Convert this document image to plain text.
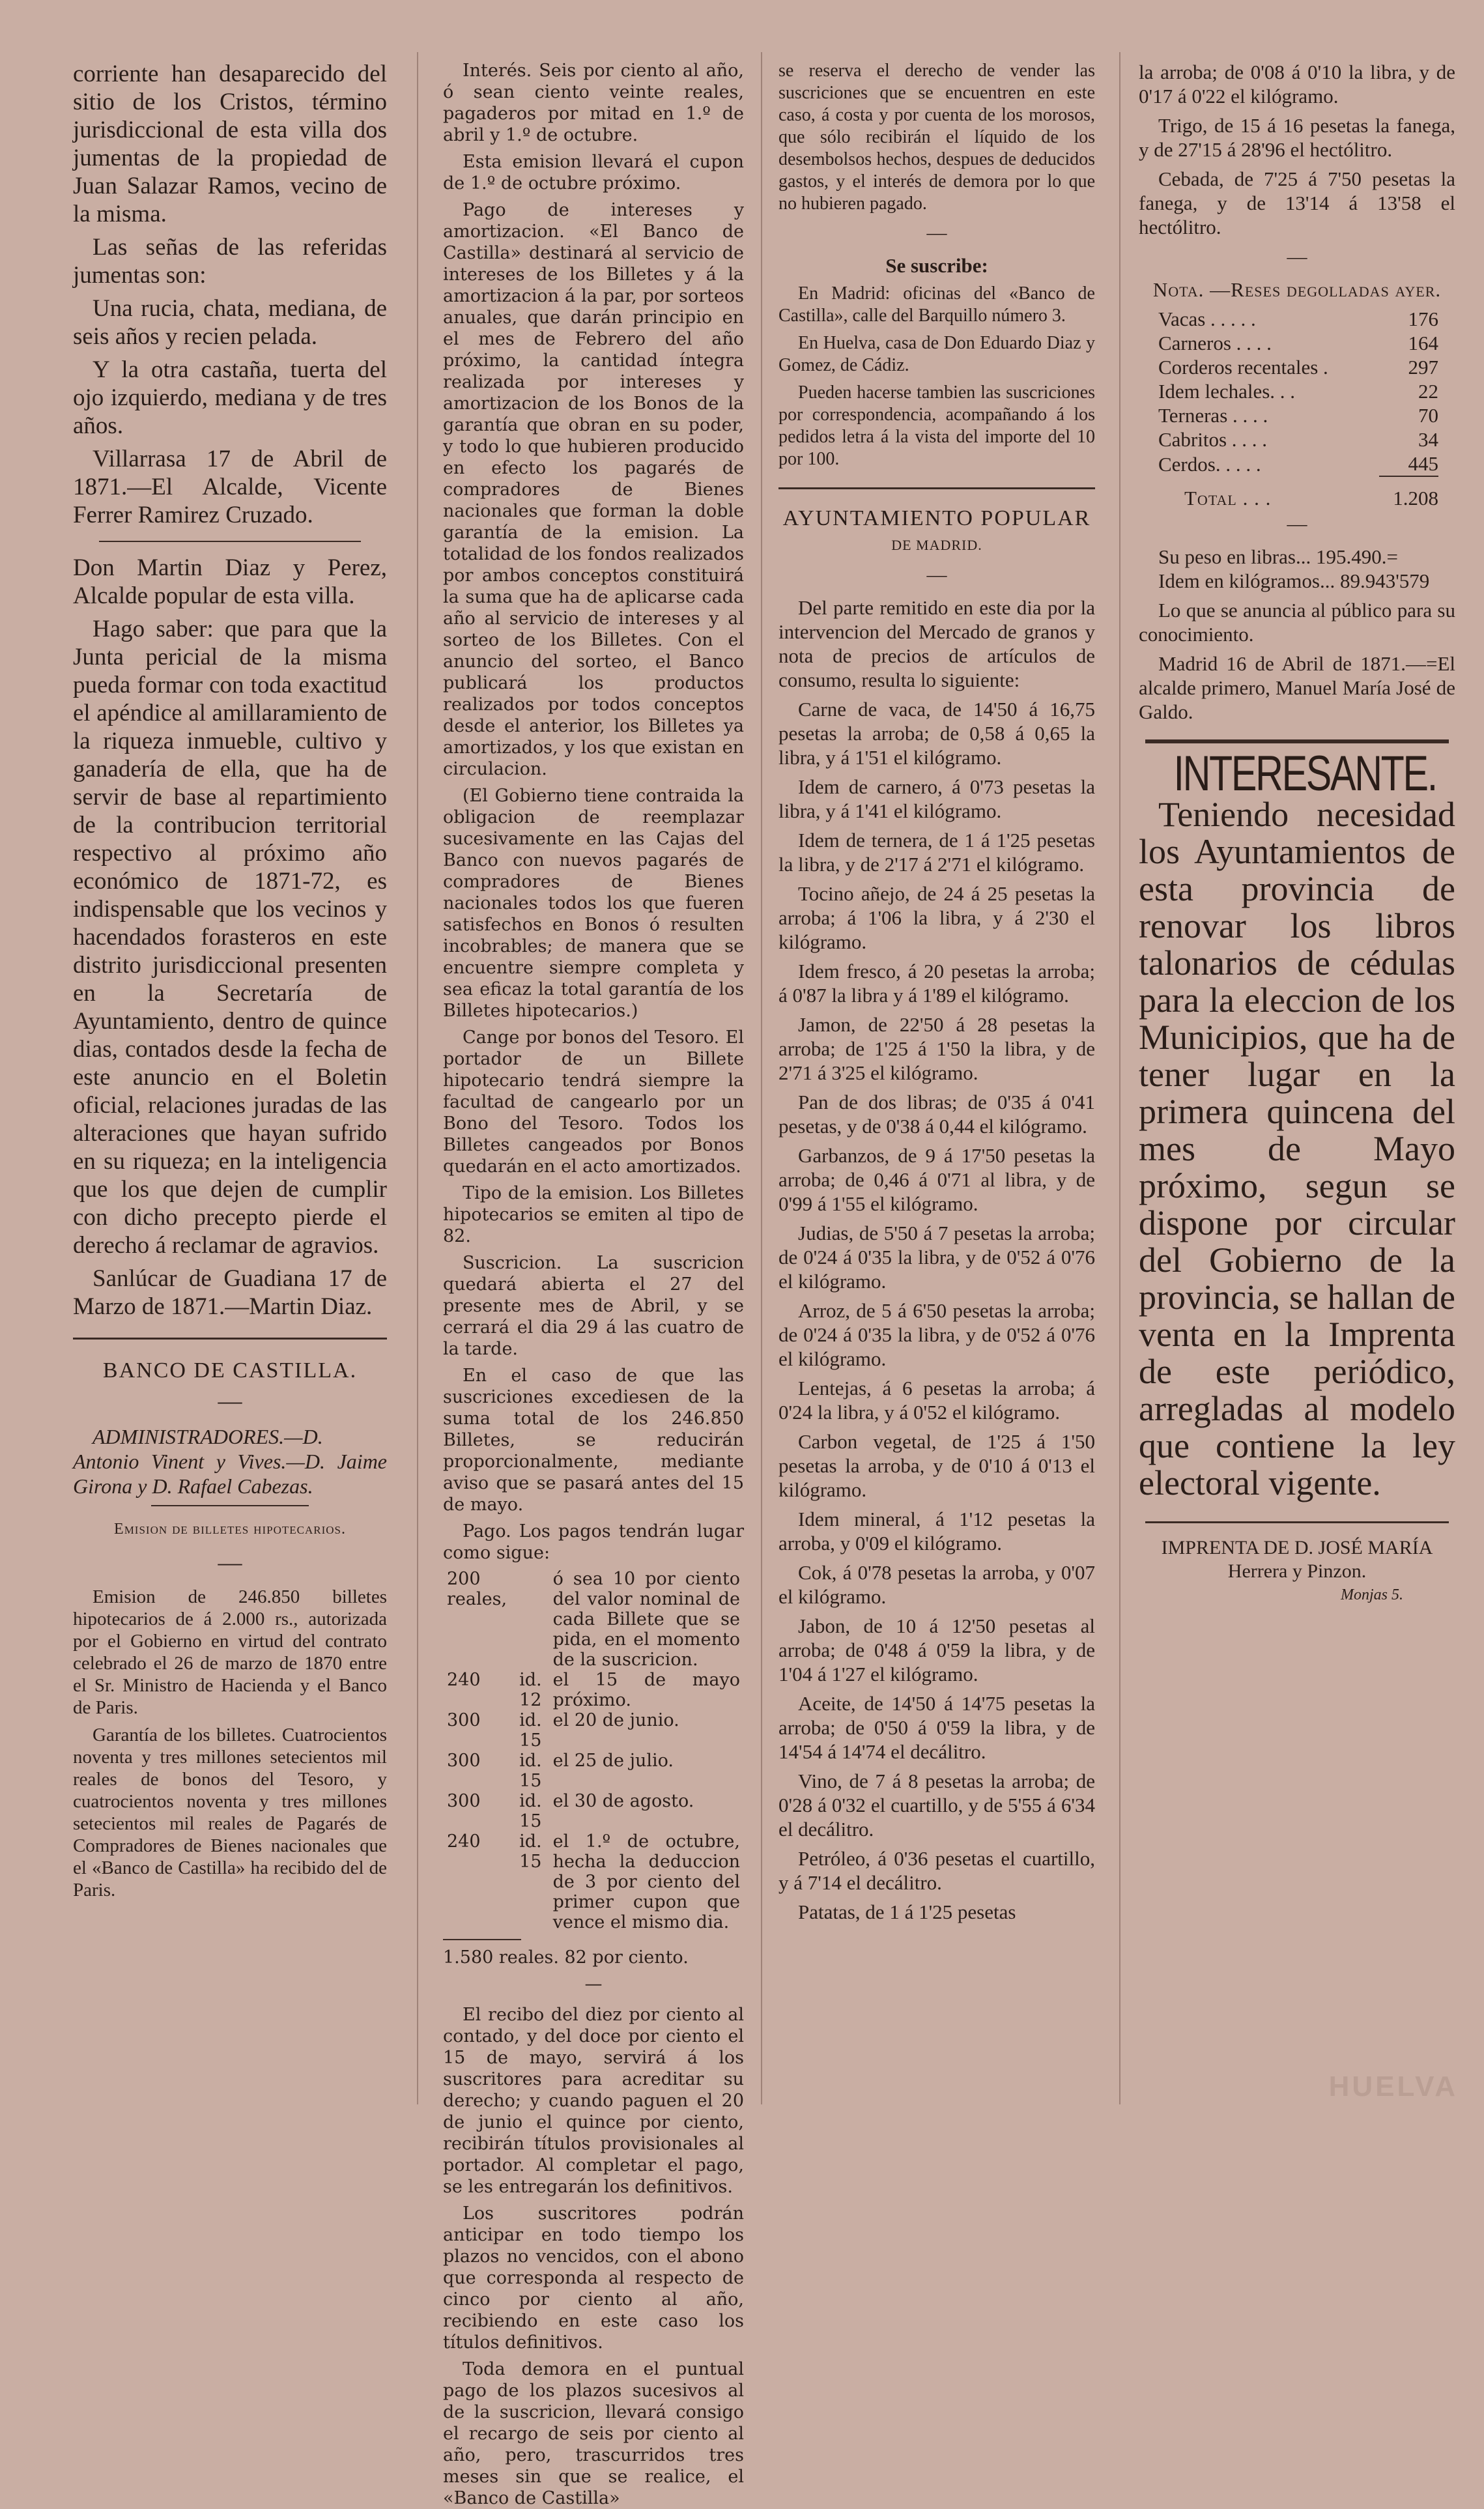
corriente han desaparecido del sitio de los Cristos, término jurisdiccional de esta villa dos jumentas de la propiedad de Juan Salazar Ramos, vecino de la misma.

Las señas de las referidas jumentas son:

Una rucia, chata, mediana, de seis años y recien pelada.

Y la otra castaña, tuerta del ojo izquierdo, mediana y de tres años.

Villarrasa 17 de Abril de 1871.—El Alcalde, Vicente Ferrer Ramirez Cruzado.

Don Martin Diaz y Perez, Alcalde popular de esta villa.

Hago saber: que para que la Junta pericial de la misma pueda formar con toda exactitud el apéndice al amillaramiento de la riqueza inmueble, cultivo y ganadería de ella, que ha de servir de base al repartimiento de la contribucion territorial respectivo al próximo año económico de 1871-72, es indispensable que los vecinos y hacendados forasteros en este distrito jurisdiccional presenten en la Secretaría de Ayuntamiento, dentro de quince dias, contados desde la fecha de este anuncio en el Boletin oficial, relaciones juradas de las alteraciones que hayan sufrido en su riqueza; en la inteligencia que los que dejen de cumplir con dicho precepto pierde el derecho á reclamar de agravios.

Sanlúcar de Guadiana 17 de Marzo de 1871.—Martin Diaz.

BANCO DE CASTILLA.
—

ADMINISTRADORES.—D. Antonio Vinent y Vives.—D. Jaime Girona y D. Rafael Cabezas.

Emision de billetes hipotecarios.

—

Emision de 246.850 billetes hipotecarios de á 2.000 rs., autorizada por el Gobierno en virtud del contrato celebrado el 26 de marzo de 1870 entre el Sr. Ministro de Hacienda y el Banco de Paris.

Garantía de los billetes. Cuatrocientos noventa y tres millones setecientos mil reales de bonos del Tesoro, y cuatrocientos noventa y tres millones setecientos mil reales de Pagarés de Compradores de Bienes nacionales que el «Banco de Castilla» ha recibido del de Paris.

Interés. Seis por ciento al año, ó sean ciento veinte reales, pagaderos por mitad en 1.º de abril y 1.º de octubre.

Esta emision llevará el cupon de 1.º de octubre próximo.

Pago de intereses y amortizacion. «El Banco de Castilla» destinará al servicio de intereses de los Billetes y á la amortizacion á la par, por sorteos anuales, que darán principio en el mes de Febrero del año próximo, la cantidad íntegra realizada por intereses y amortizacion de los Bonos de la garantía que obran en su poder, y todo lo que hubieren producido en efecto los pagarés de compradores de Bienes nacionales que forman la doble garantía de la emision. La totalidad de los fondos realizados por ambos conceptos constituirá la suma que ha de aplicarse cada año al servicio de intereses y al sorteo de los Billetes. Con el anuncio del sorteo, el Banco publicará los productos realizados por todos conceptos desde el anterior, los Billetes ya amortizados, y los que existan en circulacion.

(El Gobierno tiene contraida la obligacion de reemplazar sucesivamente en las Cajas del Banco con nuevos pagarés de compradores de Bienes nacionales todos los que fueren satisfechos en Bonos ó resulten incobrables; de manera que se encuentre siempre completa y sea eficaz la total garantía de los Billetes hipotecarios.)

Cange por bonos del Tesoro. El portador de un Billete hipotecario tendrá siempre la facultad de cangearlo por un Bono del Tesoro. Todos los Billetes cangeados por Bonos quedarán en el acto amortizados.

Tipo de la emision. Los Billetes hipotecarios se emiten al tipo de 82.

Suscricion. La suscricion quedará abierta el 27 del presente mes de Abril, y se cerrará el dia 29 á las cuatro de la tarde.

En el caso de que las suscriciones excediesen de la suma total de los 246.850 Billetes, se reducirán proporcionalmente, mediante aviso que se pasará antes del 15 de mayo.

Pago. Los pagos tendrán lugar como sigue:

200 reales,		ó sea 10 por ciento del valor nominal de cada Billete que se pida, en el momento de la suscricion.
240	id. 12	el 15 de mayo próximo.
300	id. 15	el 20 de junio.
300	id. 15	el 25 de julio.
300	id. 15	el 30 de agosto.
240	id. 15	el 1.º de octubre, hecha la deduccion de 3 por ciento del primer cupon que vence el mismo dia.

1.580 reales. 82 por ciento.

—

El recibo del diez por ciento al contado, y del doce por ciento el 15 de mayo, servirá á los suscritores para acreditar su derecho; y cuando paguen el 20 de junio el quince por ciento, recibirán títulos provisionales al portador. Al completar el pago, se les entregarán los definitivos.

Los suscritores podrán anticipar en todo tiempo los plazos no vencidos, con el abono que corresponda al respecto de cinco por ciento al año, recibiendo en este caso los títulos definitivos.

Toda demora en el puntual pago de los plazos sucesivos al de la suscricion, llevará consigo el recargo de seis por ciento al año, pero, trascurridos tres meses sin que se realice, el «Banco de Castilla»

se reserva el derecho de vender las suscriciones que se encuentren en este caso, á costa y por cuenta de los morosos, que sólo recibirán el líquido de los desembolsos hechos, despues de deducidos gastos, y el interés de demora por lo que no hubieren pagado.

—

Se suscribe:

En Madrid: oficinas del «Banco de Castilla», calle del Barquillo número 3.

En Huelva, casa de Don Eduardo Diaz y Gomez, de Cádiz.

Pueden hacerse tambien las suscriciones por correspondencia, acompañando á los pedidos letra á la vista del importe del 10 por 100.

AYUNTAMIENTO POPULAR

DE MADRID.

—

Del parte remitido en este dia por la intervencion del Mercado de granos y nota de precios de artículos de consumo, resulta lo siguiente:

Carne de vaca, de 14'50 á 16,75 pesetas la arroba; de 0,58 á 0,65 la libra, y á 1'51 el kilógramo.

Idem de carnero, á 0'73 pesetas la libra, y á 1'41 el kilógramo.

Idem de ternera, de 1 á 1'25 pesetas la libra, y de 2'17 á 2'71 el kilógramo.

Tocino añejo, de 24 á 25 pesetas la arroba; á 1'06 la libra, y á 2'30 el kilógramo.

Idem fresco, á 20 pesetas la arroba; á 0'87 la libra y á 1'89 el kilógramo.

Jamon, de 22'50 á 28 pesetas la arroba; de 1'25 á 1'50 la libra, y de 2'71 á 3'25 el kilógramo.

Pan de dos libras; de 0'35 á 0'41 pesetas, y de 0'38 á 0,44 el kilógramo.

Garbanzos, de 9 á 17'50 pesetas la arroba; de 0,46 á 0'71 al libra, y de 0'99 á 1'55 el kilógramo.

Judias, de 5'50 á 7 pesetas la arroba; de 0'24 á 0'35 la libra, y de 0'52 á 0'76 el kilógramo.

Arroz, de 5 á 6'50 pesetas la arroba; de 0'24 á 0'35 la libra, y de 0'52 á 0'76 el kilógramo.

Lentejas, á 6 pesetas la arroba; á 0'24 la libra, y á 0'52 el kilógramo.

Carbon vegetal, de 1'25 á 1'50 pesetas la arroba, y de 0'10 á 0'13 el kilógramo.

Idem mineral, á 1'12 pesetas la arroba, y 0'09 el kilógramo.

Cok, á 0'78 pesetas la arroba, y 0'07 el kilógramo.

Jabon, de 10 á 12'50 pesetas al arroba; de 0'48 á 0'59 la libra, y de 1'04 á 1'27 el kilógramo.

Aceite, de 14'50 á 14'75 pesetas la arroba; de 0'50 á 0'59 la libra, y de 14'54 á 14'74 el decálitro.

Vino, de 7 á 8 pesetas la arroba; de 0'28 á 0'32 el cuartillo, y de 5'55 á 6'34 el decálitro.

Petróleo, á 0'36 pesetas el cuartillo, y á 7'14 el decálitro.

Patatas, de 1 á 1'25 pesetas

la arroba; de 0'08 á 0'10 la libra, y de 0'17 á 0'22 el kilógramo.

Trigo, de 15 á 16 pesetas la fanega, y de 27'15 á 28'96 el hectólitro.

Cebada, de 7'25 á 7'50 pesetas la fanega, y de 13'14 á 13'58 el hectólitro.

—

Nota. —Reses degolladas ayer.

Vacas . . . . .	176
Carneros . . . .	164
Corderos recentales .	297
Idem lechales. . .	22
Terneras . . . .	70
Cabritos . . . .	34
Cerdos. . . . .	445
Total . . .	1.208
—

Su peso en libras... 195.490.=

Idem en kilógramos... 89.943'579

Lo que se anuncia al público para su conocimiento.

Madrid 16 de Abril de 1871.—=El alcalde primero, Manuel María José de Galdo.

INTERESANTE.

Teniendo necesidad los Ayuntamientos de esta provincia de renovar los libros talonarios de cédulas para la eleccion de los Municipios, que ha de tener lugar en la primera quincena del mes de Mayo próximo, segun se dispone por circular del Gobierno de la provincia, se hallan de venta en la Imprenta de este periódico, arregladas al modelo que contiene la ley electoral vigente.

IMPRENTA DE D. JOSÉ MARÍA Herrera y Pinzon.
Monjas 5.
HUELVA
